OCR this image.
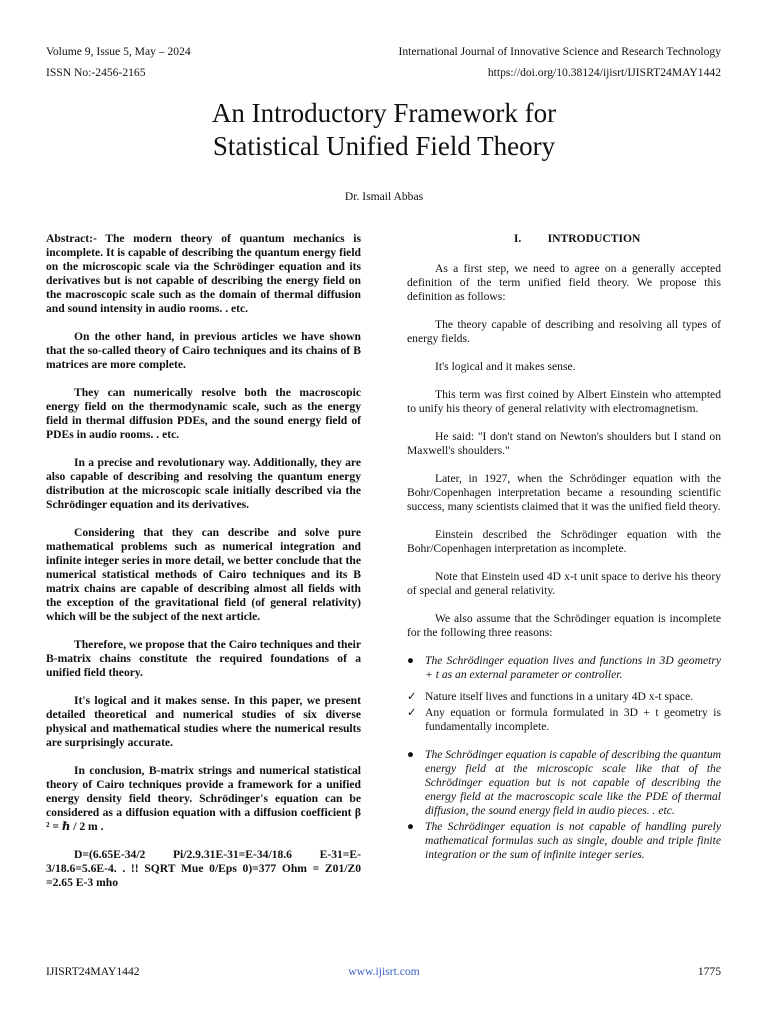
Volume 9, Issue 5, May – 2024	International Journal of Innovative Science and Research Technology
ISSN No:-2456-2165	https://doi.org/10.38124/ijisrt/IJISRT24MAY1442
An Introductory Framework for
Statistical Unified Field Theory
Dr. Ismail Abbas

Abstract:- The modern theory of quantum mechanics is incomplete. It is capable of describing the quantum energy field on the microscopic scale via the Schrödinger equation and its derivatives but is not capable of describing the energy field on the macroscopic scale such as the domain of thermal diffusion and sound intensity in audio rooms. . etc.

On the other hand, in previous articles we have shown that the so-called theory of Cairo techniques and its chains of B matrices are more complete.

They can numerically resolve both the macroscopic energy field on the thermodynamic scale, such as the energy field in thermal diffusion PDEs, and the sound energy field of PDEs in audio rooms. . etc.

In a precise and revolutionary way. Additionally, they are also capable of describing and resolving the quantum energy distribution at the microscopic scale initially described via the Schrödinger equation and its derivatives.

Considering that they can describe and solve pure mathematical problems such as numerical integration and infinite integer series in more detail, we better conclude that the numerical statistical methods of Cairo techniques and its B matrix chains are capable of describing almost all fields with the exception of the gravitational field (of general relativity) which will be the subject of the next article.

Therefore, we propose that the Cairo techniques and their B-matrix chains constitute the required foundations of a unified field theory.

It's logical and it makes sense. In this paper, we present detailed theoretical and numerical studies of six diverse physical and mathematical studies where the numerical results are surprisingly accurate.

In conclusion, B-matrix strings and numerical statistical theory of Cairo techniques provide a framework for a unified energy density field theory. Schrödinger's equation can be considered as a diffusion equation with a diffusion coefficient β ² = ℏ / 2 m .

D=(6.65E-34/2 Pi/2.9.31E-31=E-34/18.6 E-31=E-3/18.6=5.6E-4. . !! SQRT Mue 0/Eps 0)=377 Ohm = Z01/Z0 =2.65 E-3 mho

I. INTRODUCTION

As a first step, we need to agree on a generally accepted definition of the term unified field theory. We propose this definition as follows:

The theory capable of describing and resolving all types of energy fields.

It's logical and it makes sense.

This term was first coined by Albert Einstein who attempted to unify his theory of general relativity with electromagnetism.

He said: "I don't stand on Newton's shoulders but I stand on Maxwell's shoulders."

Later, in 1927, when the Schrödinger equation with the Bohr/Copenhagen interpretation became a resounding scientific success, many scientists claimed that it was the unified field theory.

Einstein described the Schrödinger equation with the Bohr/Copenhagen interpretation as incomplete.

Note that Einstein used 4D x-t unit space to derive his theory of special and general relativity.

We also assume that the Schrödinger equation is incomplete for the following three reasons:

● The Schrödinger equation lives and functions in 3D geometry + t as an external parameter or controller.
✓ Nature itself lives and functions in a unitary 4D x-t space.
✓ Any equation or formula formulated in 3D + t geometry is fundamentally incomplete.
● The Schrödinger equation is capable of describing the quantum energy field at the microscopic scale like that of the Schrödinger equation but is not capable of describing the energy field at the macroscopic scale like the PDE of thermal diffusion, the sound energy field in audio pieces. . etc.
● The Schrödinger equation is not capable of handling purely mathematical formulas such as single, double and triple finite integration or the sum of infinite integer series.
IJISRT24MAY1442	www.ijisrt.com	1775
